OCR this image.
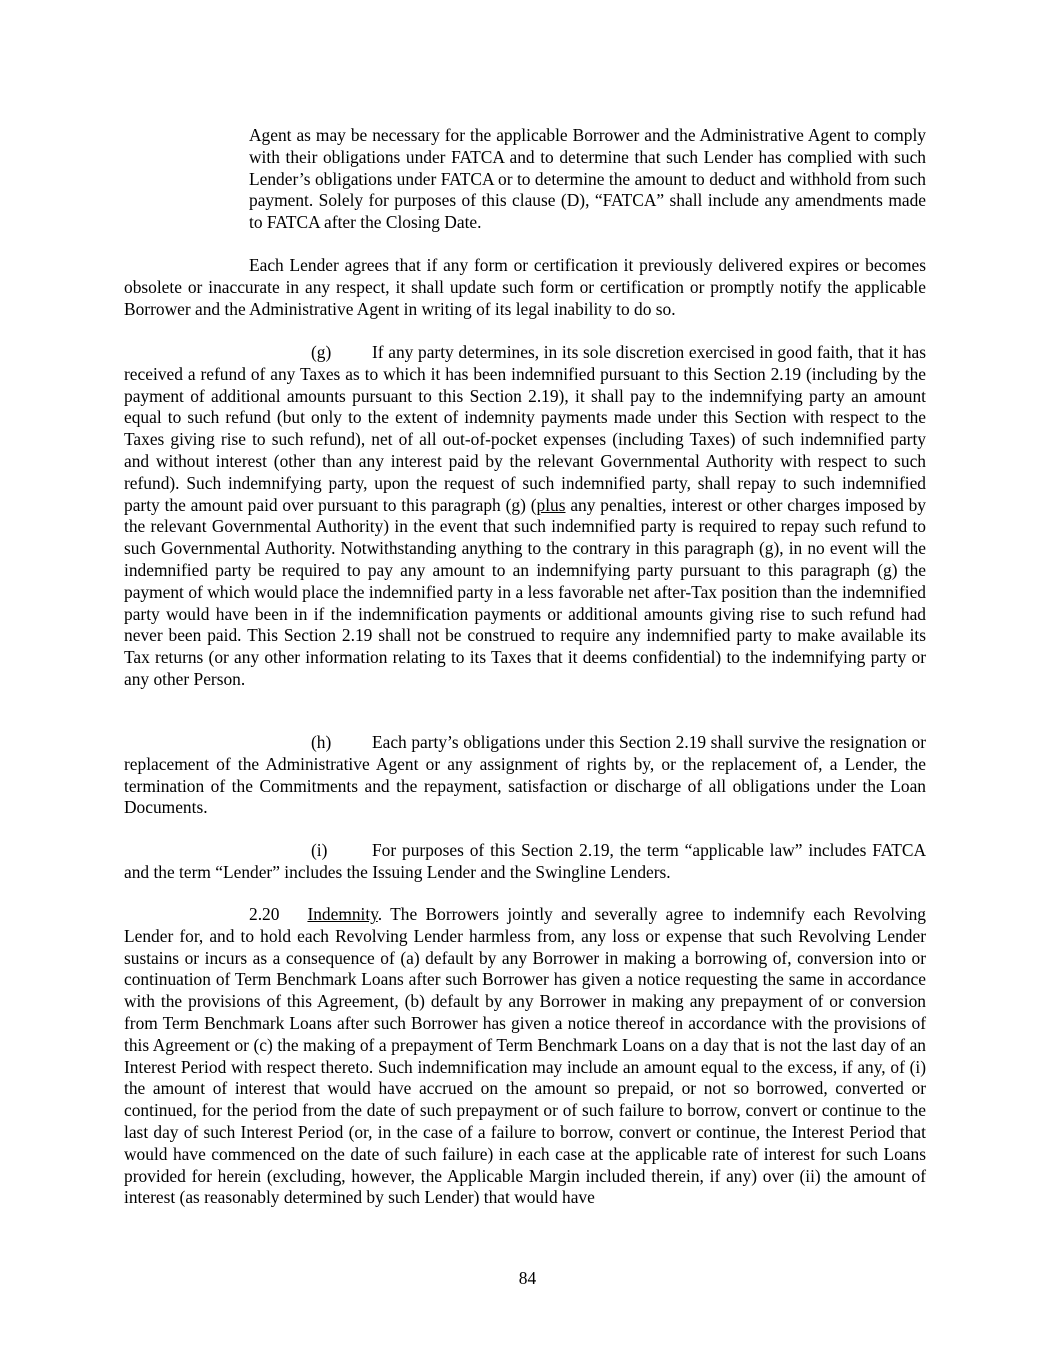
Agent as may be necessary for the applicable Borrower and the Administrative Agent to comply with their obligations under FATCA and to determine that such Lender has complied with such Lender’s obligations under FATCA or to determine the amount to deduct and withhold from such payment. Solely for purposes of this clause (D), “FATCA” shall include any amendments made to FATCA after the Closing Date.

Each Lender agrees that if any form or certification it previously delivered expires or becomes obsolete or inaccurate in any respect, it shall update such form or certification or promptly notify the applicable Borrower and the Administrative Agent in writing of its legal inability to do so.

(g) If any party determines, in its sole discretion exercised in good faith, that it has received a refund of any Taxes as to which it has been indemnified pursuant to this Section 2.19 (including by the payment of additional amounts pursuant to this Section 2.19), it shall pay to the indemnifying party an amount equal to such refund (but only to the extent of indemnity payments made under this Section with respect to the Taxes giving rise to such refund), net of all out-of-pocket expenses (including Taxes) of such indemnified party and without interest (other than any interest paid by the relevant Governmental Authority with respect to such refund). Such indemnifying party, upon the request of such indemnified party, shall repay to such indemnified party the amount paid over pursuant to this paragraph (g) (plus any penalties, interest or other charges imposed by the relevant Governmental Authority) in the event that such indemnified party is required to repay such refund to such Governmental Authority. Notwithstanding anything to the contrary in this paragraph (g), in no event will the indemnified party be required to pay any amount to an indemnifying party pursuant to this paragraph (g) the payment of which would place the indemnified party in a less favorable net after-Tax position than the indemnified party would have been in if the indemnification payments or additional amounts giving rise to such refund had never been paid. This Section 2.19 shall not be construed to require any indemnified party to make available its Tax returns (or any other information relating to its Taxes that it deems confidential) to the indemnifying party or any other Person.

(h) Each party’s obligations under this Section 2.19 shall survive the resignation or replacement of the Administrative Agent or any assignment of rights by, or the replacement of, a Lender, the termination of the Commitments and the repayment, satisfaction or discharge of all obligations under the Loan Documents.

(i)	For purposes of this Section 2.19, the term “applicable law” includes FATCA and the term “Lender” includes the Issuing Lender and the Swingline Lenders.

2.20 Indemnity. The Borrowers jointly and severally agree to indemnify each Revolving Lender for, and to hold each Revolving Lender harmless from, any loss or expense that such Revolving Lender sustains or incurs as a consequence of (a) default by any Borrower in making a borrowing of, conversion into or continuation of Term Benchmark Loans after such Borrower has given a notice requesting the same in accordance with the provisions of this Agreement, (b) default by any Borrower in making any prepayment of or conversion from Term Benchmark Loans after such Borrower has given a notice thereof in accordance with the provisions of this Agreement or (c) the making of a prepayment of Term Benchmark Loans on a day that is not the last day of an Interest Period with respect thereto. Such indemnification may include an amount equal to the excess, if any, of (i) the amount of interest that would have accrued on the amount so prepaid, or not so borrowed, converted or continued, for the period from the date of such prepayment or of such failure to borrow, convert or continue to the last day of such Interest Period (or, in the case of a failure to borrow, convert or continue, the Interest Period that would have commenced on the date of such failure) in each case at the applicable rate of interest for such Loans provided for herein (excluding, however, the Applicable Margin included therein, if any) over (ii) the amount of interest (as reasonably determined by such Lender) that would have

84
